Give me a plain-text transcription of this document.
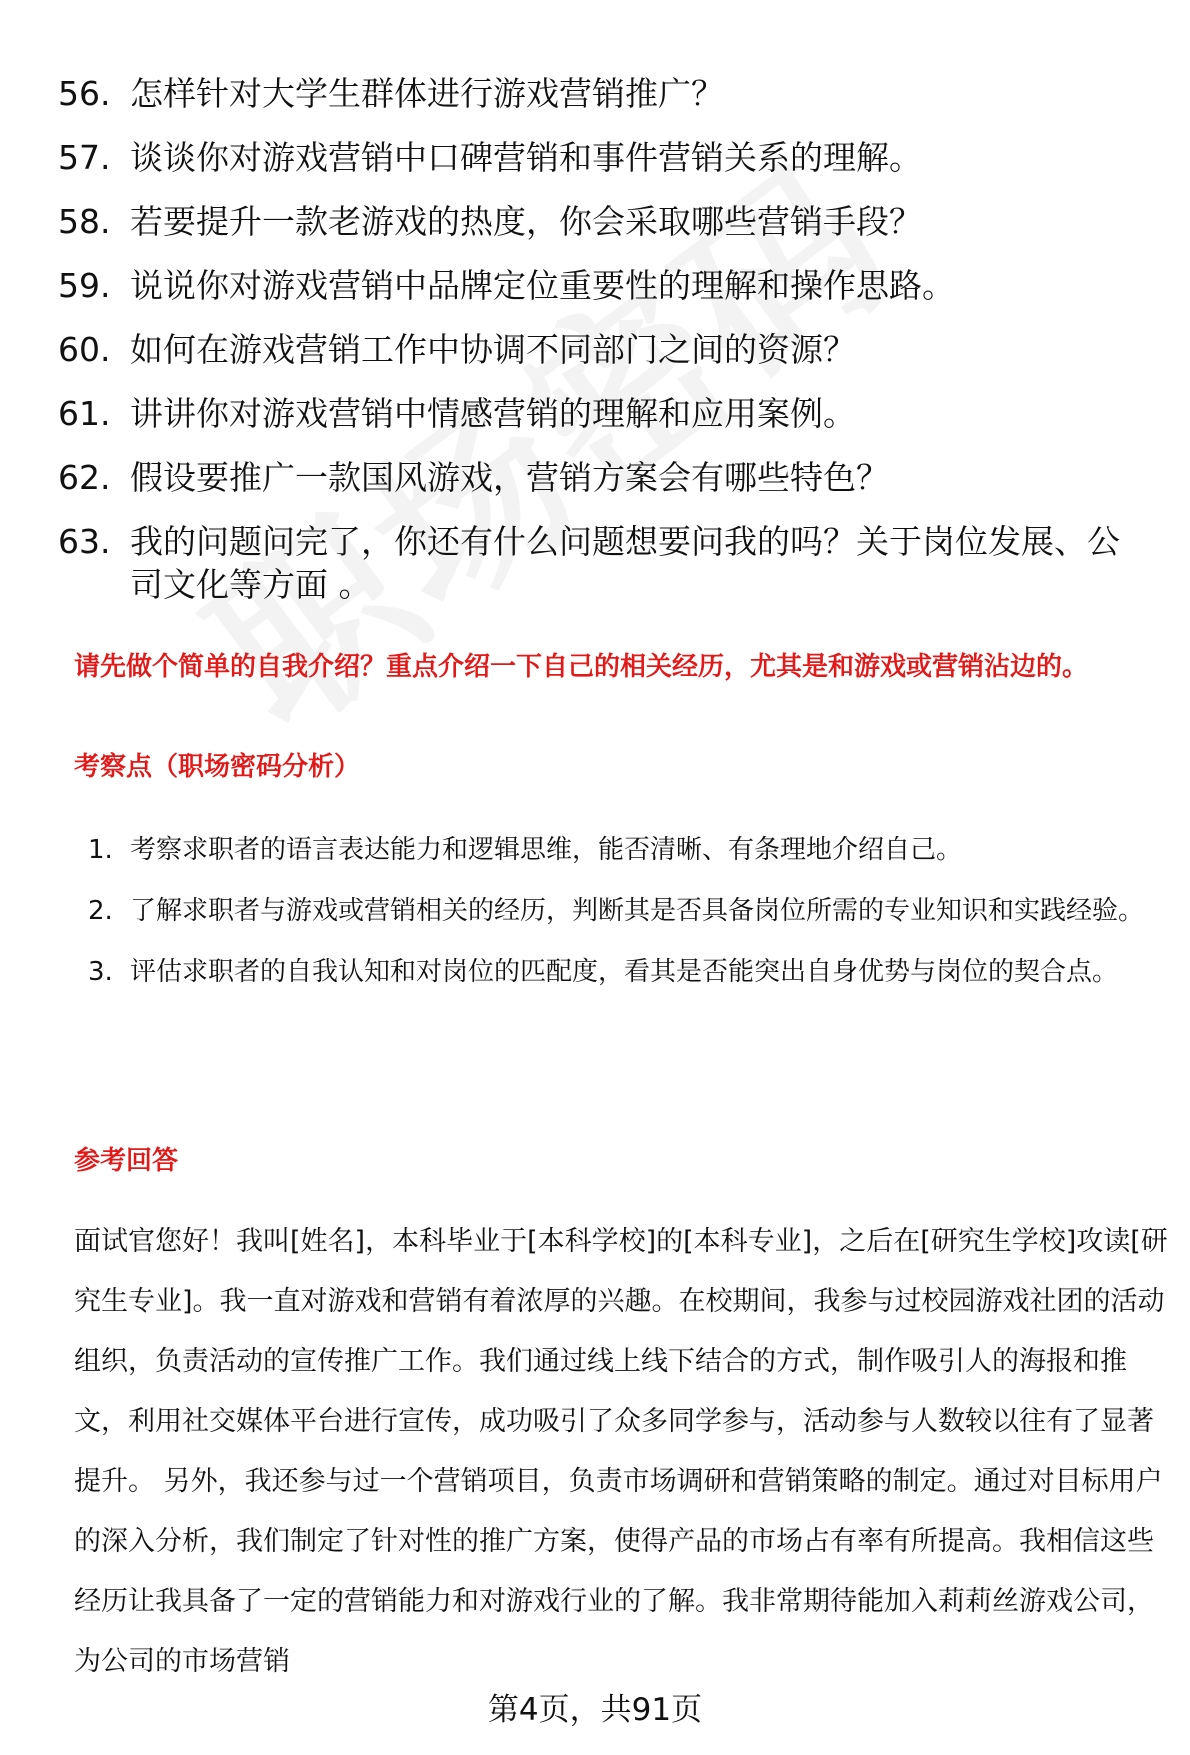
56. 怎样针对大学生群体进行游戏营销推广？
57. 谈谈你对游戏营销中口碑营销和事件营销关系的理解。
58. 若要提升一款老游戏的热度，你会采取哪些营销手段？
59. 说说你对游戏营销中品牌定位重要性的理解和操作思路。
60. 如何在游戏营销工作中协调不同部门之间的资源？
61. 讲讲你对游戏营销中情感营销的理解和应用案例。
62. 假设要推广一款国风游戏，营销方案会有哪些特色？
63. 我的问题问完了，你还有什么问题想要问我的吗？关于岗位发展、公司文化等方面 。

请先做个简单的自我介绍？重点介绍一下自己的相关经历，尤其是和游戏或营销沾边的。

考察点（职场密码分析）
1. 考察求职者的语言表达能力和逻辑思维，能否清晰、有条理地介绍自己。
2. 了解求职者与游戏或营销相关的经历，判断其是否具备岗位所需的专业知识和实践经验。
3. 评估求职者的自我认知和对岗位的匹配度，看其是否能突出自身优势与岗位的契合点。
参考回答

面试官您好！我叫[姓名]，本科毕业于[本科学校]的[本科专业]，之后在[研究生学校]攻读[研究生专业]。我一直对游戏和营销有着浓厚的兴趣。在校期间，我参与过校园游戏社团的活动组织，负责活动的宣传推广工作。我们通过线上线下结合的方式，制作吸引人的海报和推文，利用社交媒体平台进行宣传，成功吸引了众多同学参与，活动参与人数较以往有了显著提升。 另外，我还参与过一个营销项目，负责市场调研和营销策略的制定。通过对目标用户的深入分析，我们制定了针对性的推广方案，使得产品的市场占有率有所提高。我相信这些经历让我具备了一定的营销能力和对游戏行业的了解。我非常期待能加入莉莉丝游戏公司，为公司的市场营销

第4页，共91页
